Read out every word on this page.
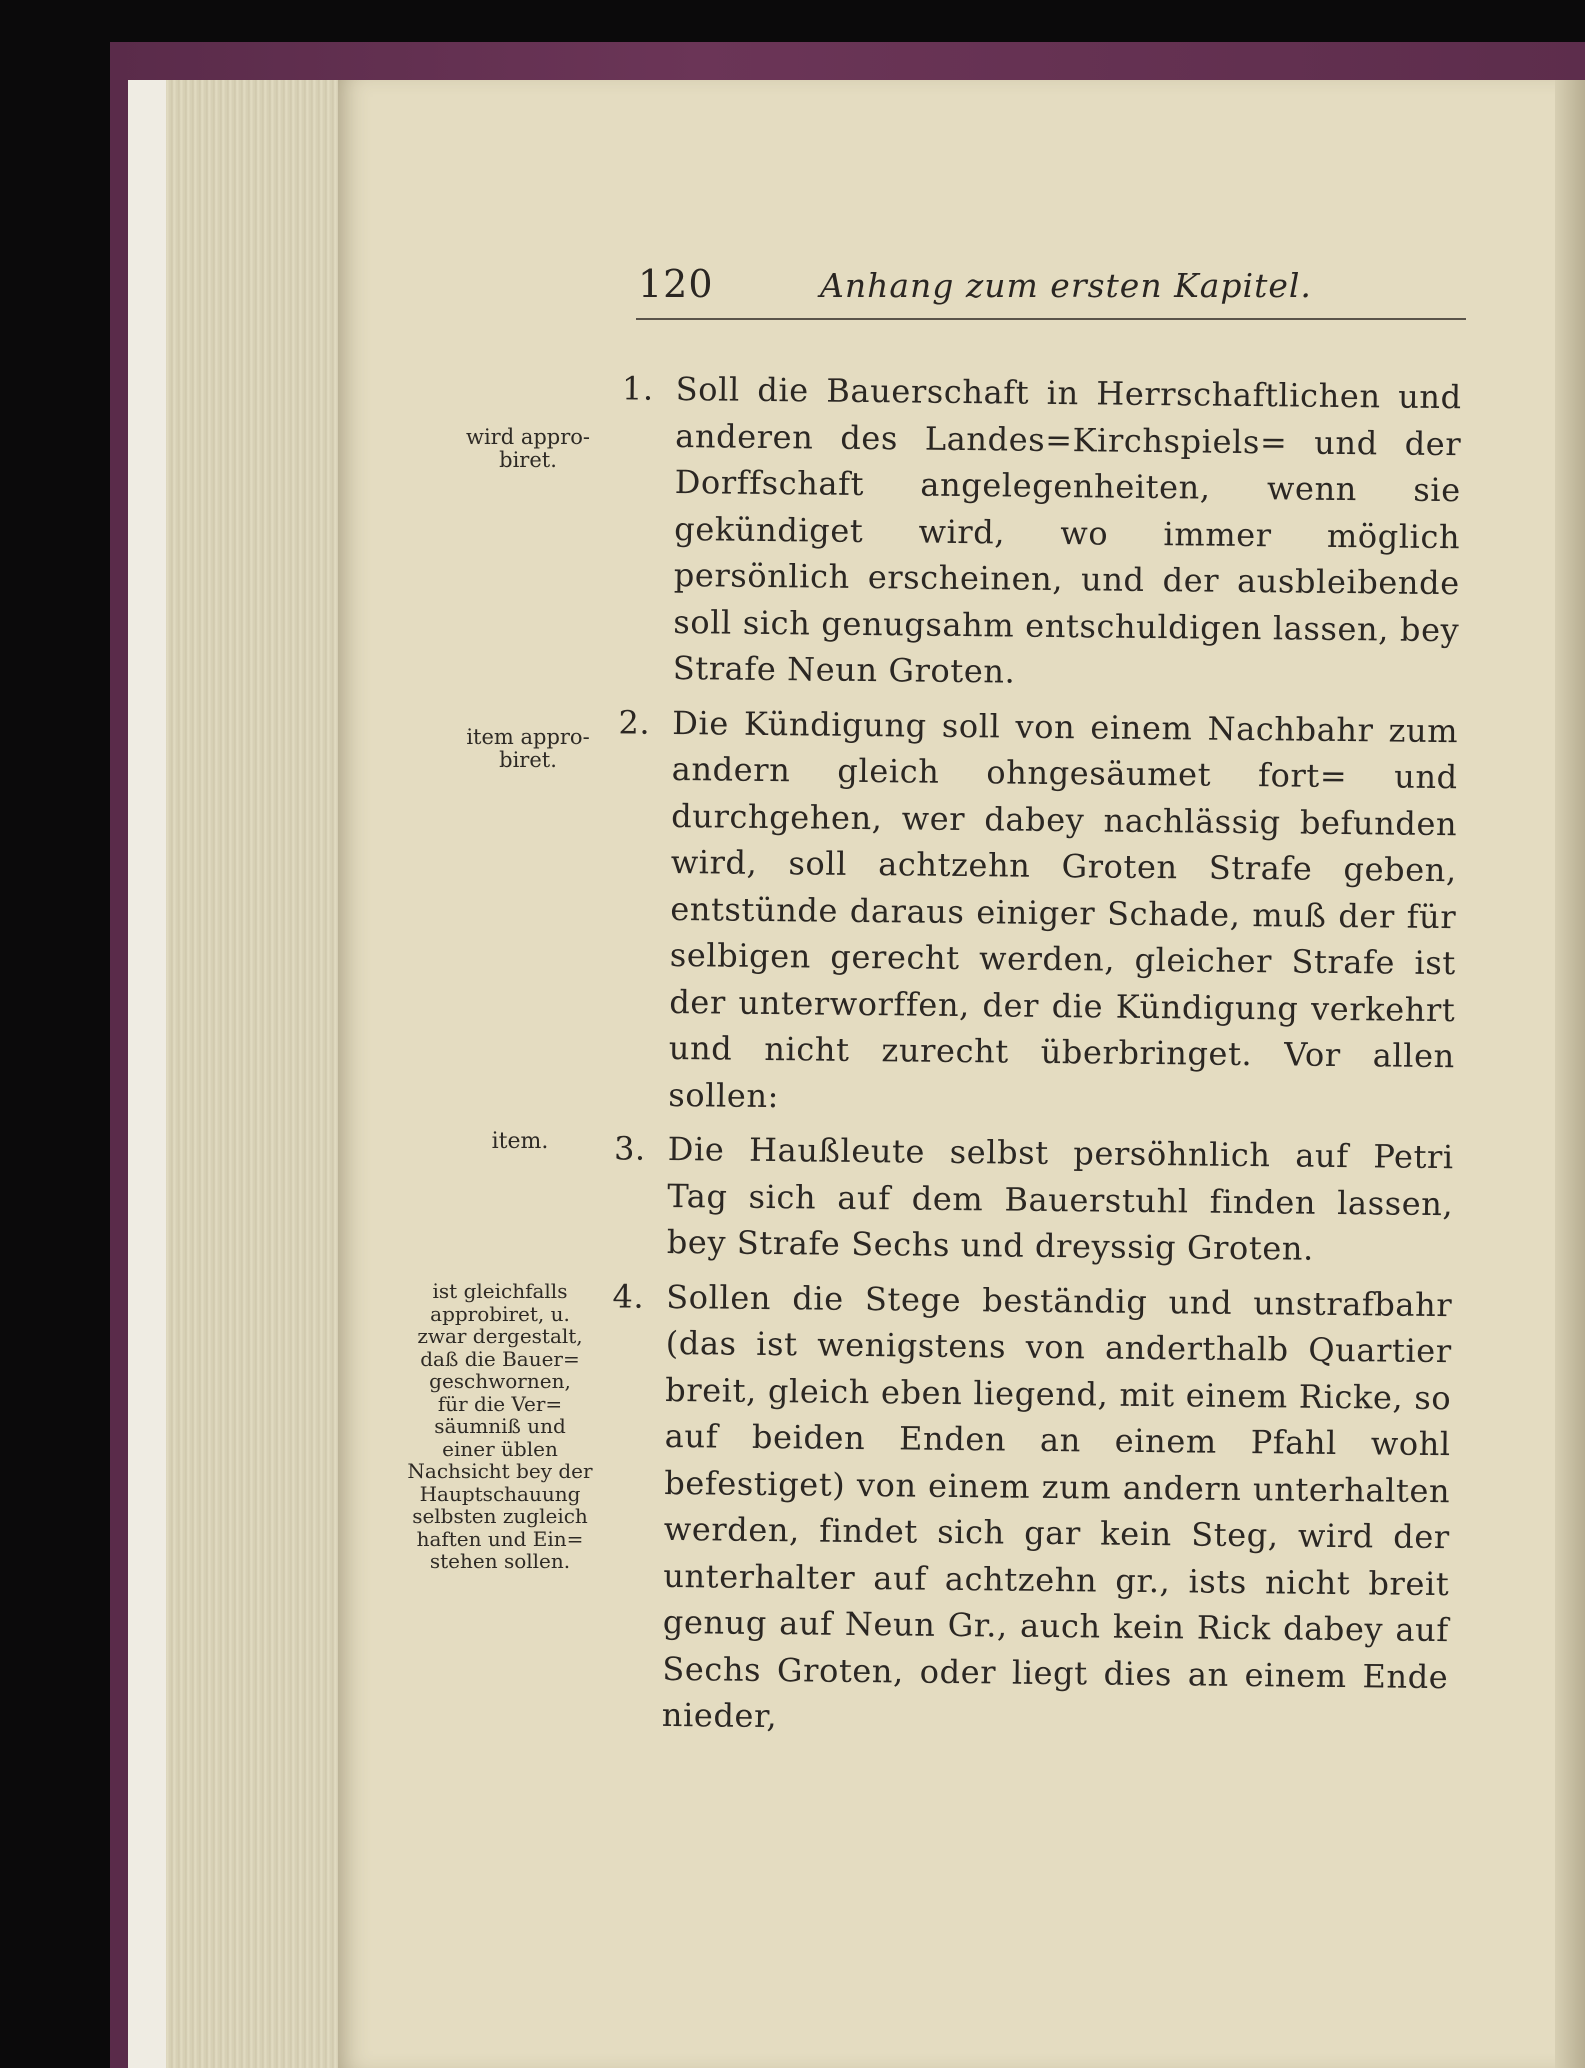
120	Anhang zum ersten Kapitel.
wird appro-
biret.
item appro-
biret.
item.
ist gleichfalls
approbiret, u.
zwar dergestalt,
daß die Bauer=
geschwornen,
für die Ver=
säumniß und
einer üblen
Nachsicht bey der
Hauptschauung
selbsten zugleich
haften und Ein=
stehen sollen.
1. Soll die Bauerschaft in Herrschaftlichen und anderen des Landes=Kirchspiels= und der Dorffschaft angelegenheiten, wenn sie gekündiget wird, wo immer möglich persönlich erscheinen, und der ausbleibende soll sich genugsahm entschuldigen lassen, bey Strafe Neun Groten.
2. Die Kündigung soll von einem Nachbahr zum andern gleich ohngesäumet fort= und durchgehen, wer dabey nachlässig befunden wird, soll achtzehn Groten Strafe geben, entstünde daraus einiger Schade, muß der für selbigen gerecht werden, gleicher Strafe ist der unterworffen, der die Kündigung verkehrt und nicht zurecht überbringet. Vor allen sollen:
3. Die Haußleute selbst persöhnlich auf Petri Tag sich auf dem Bauerstuhl finden lassen, bey Strafe Sechs und dreyssig Groten.
4. Sollen die Stege beständig und unstrafbahr (das ist wenigstens von anderthalb Quartier breit, gleich eben liegend, mit einem Ricke, so auf beiden Enden an einem Pfahl wohl befestiget) von einem zum andern unterhalten werden, findet sich gar kein Steg, wird der unterhalter auf achtzehn gr., ists nicht breit genug auf Neun Gr., auch kein Rick dabey auf Sechs Groten, oder liegt dies an einem Ende nieder,
